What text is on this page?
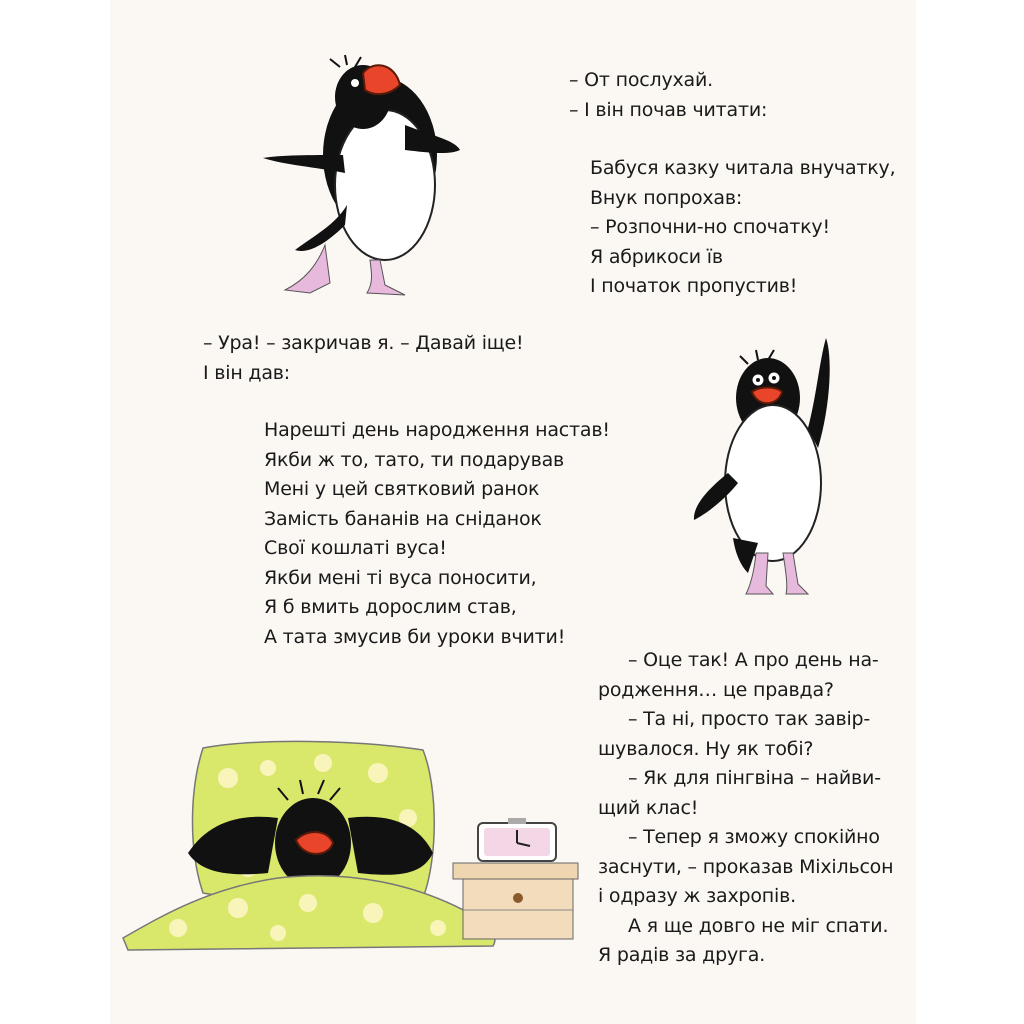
– От послухай.
– І він почав читати:
Бабуся казку читала внучатку,
Внук попрохав:
– Розпочни-но спочатку!
Я абрикоси їв
І початок пропустив!
– Ура! – закричав я. – Давай іще!
І він дав:
Нарешті день народження настав!
Якби ж то, тато, ти подарував
Мені у цей святковий ранок
Замість бананів на сніданок
Свої кошлаті вуса!
Якби мені ті вуса поносити,
Я б вмить дорослим став,
А тата змусив би уроки вчити!
– Оце так! А про день на-
родження… це правда?
– Та ні, просто так завір-
шувалося. Ну як тобі?
– Як для пінгвіна – найви-
щий клас!
– Тепер я зможу спокійно
заснути, – проказав Міхільсон
і одразу ж захропів.
А я ще довго не міг спати.
Я радів за друга.
